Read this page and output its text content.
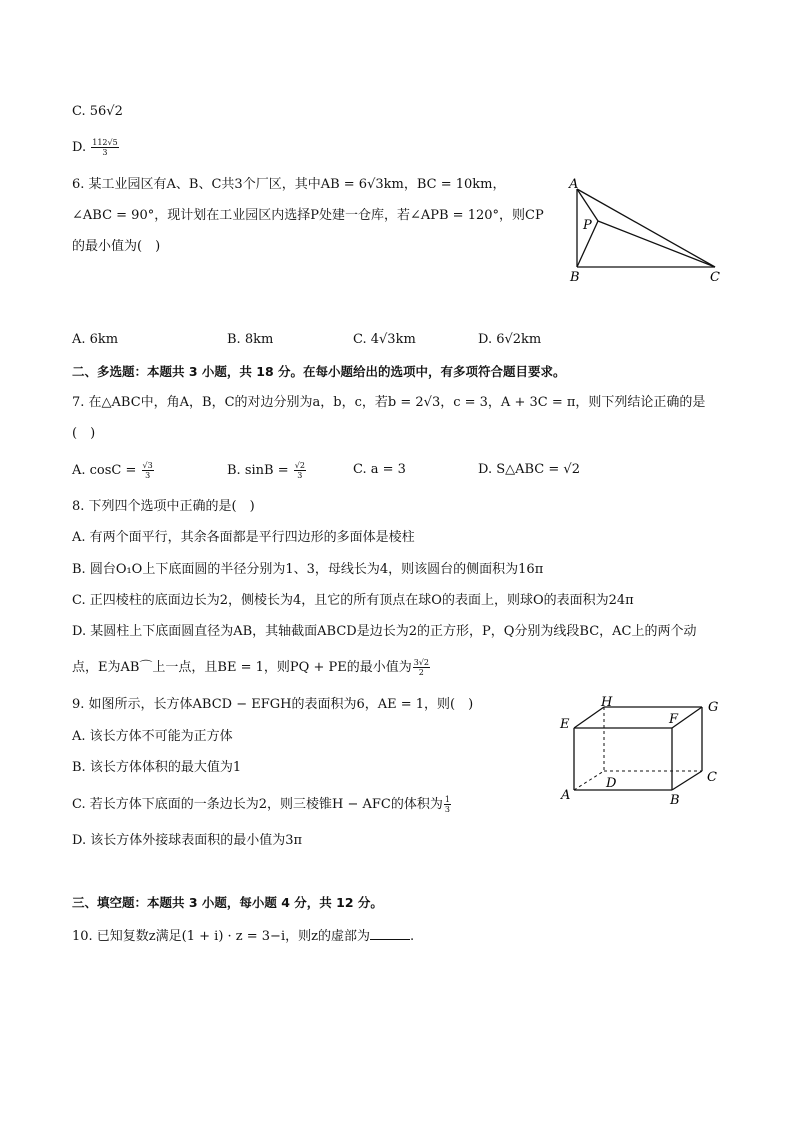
C. 56√2
D. $\frac{112√5}{3}$
6. 某工业园区有A、B、C共3个厂区，其中AB = 6√3km，BC = 10km，
∠ABC = 90°，现计划在工业园区内选择P处建一仓库，若∠APB = 120°，则CP
的最小值为(　)
A
B	C
P
A. 6km	B. 8km	C. 4√3km	D. 6√2km
二、多选题：本题共 3 小题，共 18 分。在每小题给出的选项中，有多项符合题目要求。
7. 在△ABC中，角A，B，C的对边分别为a，b，c，若b = 2√3，c = 3，A + 3C = π，则下列结论正确的是
(　)
A. $\cos C = \frac{√3}{3}$	B. $\sin B = \frac{√2}{3}$	C. a = 3	D. S△ABC = √2
8. 下列四个选项中正确的是(　)
A. 有两个面平行，其余各面都是平行四边形的多面体是棱柱
B. 圆台O₁O上下底面圆的半径分别为1、3，母线长为4，则该圆台的侧面积为16π
C. 正四棱柱的底面边长为2，侧棱长为4，且它的所有顶点在球O的表面上，则球O的表面积为24π
D. 某圆柱上下底面圆直径为AB，其轴截面ABCD是边长为2的正方形，P，Q分别为线段BC，AC上的两个动
点，E为AB⌒上一点，且BE = 1，则PQ + PE的最小值为 $\frac{3√2}{2}$
9. 如图所示，长方体ABCD − EFGH的表面积为6，AE = 1，则(　)
A. 该长方体不可能为正方体
B. 该长方体体积的最大值为1
C. 若长方体下底面的一条边长为2，则三棱锥H − AFC的体积为 $\frac{1}{3}$
D. 该长方体外接球表面积的最小值为3π
E
H
F
G
C
B
A
D
三、填空题：本题共 3 小题，每小题 4 分，共 12 分。
10. 已知复数z满足(1 + i) · z = 3−i，则z的虚部为	.
